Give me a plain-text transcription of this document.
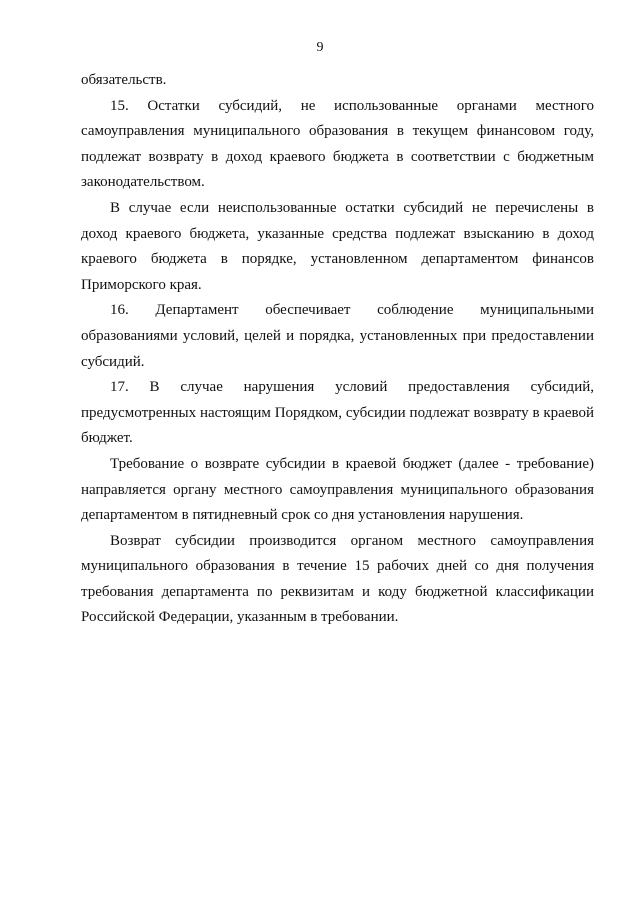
9

обязательств.

15. Остатки субсидий, не использованные органами местного самоуправления муниципального образования в текущем финансовом году, подлежат возврату в доход краевого бюджета в соответствии с бюджетным законодательством.

В случае если неиспользованные остатки субсидий не перечислены в доход краевого бюджета, указанные средства подлежат взысканию в доход краевого бюджета в порядке, установленном департаментом финансов Приморского края.

16. Департамент обеспечивает соблюдение муниципальными образованиями условий, целей и порядка, установленных при предоставлении субсидий.

17. В случае нарушения условий предоставления субсидий, предусмотренных настоящим Порядком, субсидии подлежат возврату в краевой бюджет.

Требование о возврате субсидии в краевой бюджет (далее - требование) направляется органу местного самоуправления муниципального образования департаментом в пятидневный срок со дня установления нарушения.

Возврат субсидии производится органом местного самоуправления муниципального образования в течение 15 рабочих дней со дня получения требования департамента по реквизитам и коду бюджетной классификации Российской Федерации, указанным в требовании.
